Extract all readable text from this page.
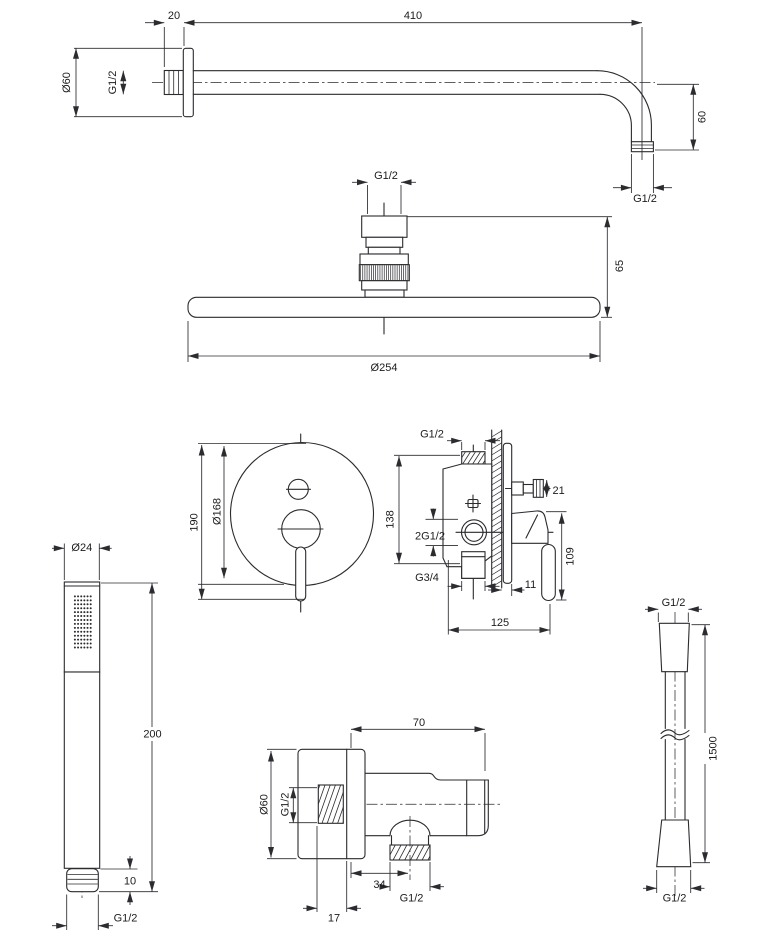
20	410
Ø60	G1/2
60
G1/2
G1/2
65
Ø254
190 Ø168
G1/2
138
2G1/2
G3/4
21
109
11
125
Ø24
200
10
G1/2
70
Ø60 G1/2
34
G1/2
17
G1/2
1500
G1/2
